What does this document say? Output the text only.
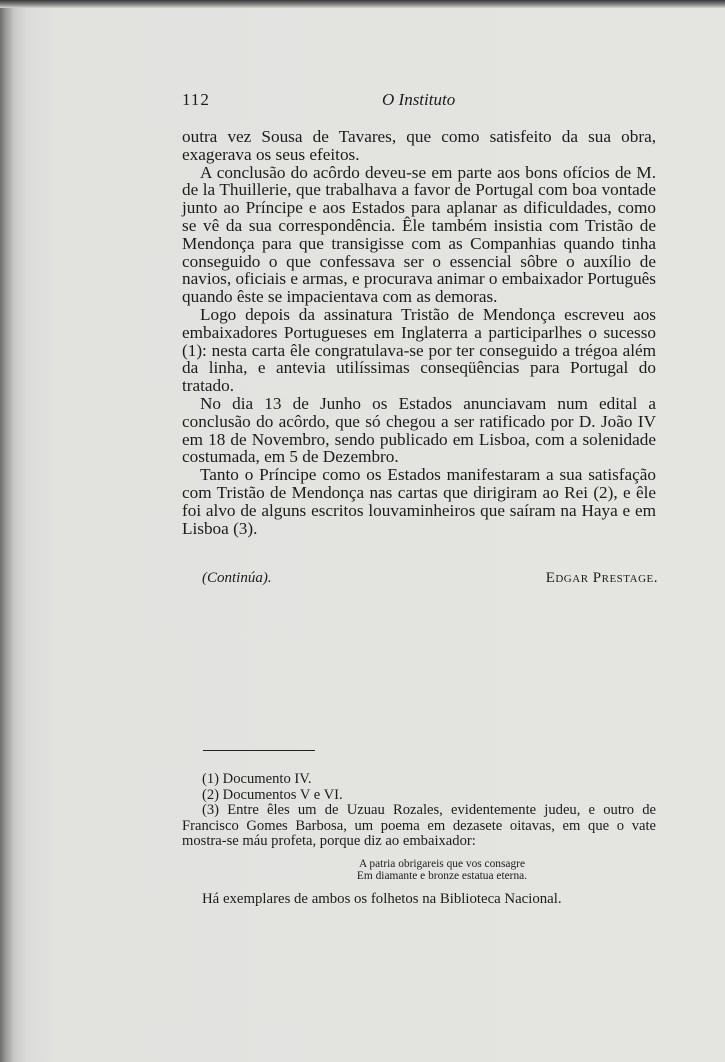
112	O Instituto

outra vez Sousa de Tavares, que como satisfeito da sua obra, exagerava os seus efeitos.

A conclusão do acôrdo deveu-se em parte aos bons ofícios de M. de la Thuillerie, que trabalhava a favor de Portugal com boa vontade junto ao Príncipe e aos Estados para aplanar as dificuldades, como se vê da sua correspondência. Êle também insistia com Tristão de Mendonça para que transigisse com as Companhias quando tinha conseguido o que confessava ser o essencial sôbre o auxílio de navios, oficiais e armas, e procurava animar o embaixador Português quando êste se impacientava com as demoras.

Logo depois da assinatura Tristão de Mendonça escreveu aos embaixadores Portugueses em Inglaterra a participarlhes o sucesso (1): nesta carta êle congratulava-se por ter conseguido a trégoa além da linha, e antevia utilíssimas conseqüências para Portugal do tratado.

No dia 13 de Junho os Estados anunciavam num edital a conclusão do acôrdo, que só chegou a ser ratificado por D. João IV em 18 de Novembro, sendo publicado em Lisboa, com a solenidade costumada, em 5 de Dezembro.

Tanto o Príncipe como os Estados manifestaram a sua satisfação com Tristão de Mendonça nas cartas que dirigiram ao Rei (2), e êle foi alvo de alguns escritos louvaminheiros que saíram na Haya e em Lisboa (3).

(Continúa).	Edgar Prestage.

(1) Documento IV.

(2) Documentos V e VI.

(3) Entre êles um de Uzuau Rozales, evidentemente judeu, e outro de Francisco Gomes Barbosa, um poema em dezasete oitavas, em que o vate mostra-se máu profeta, porque diz ao embaixador:

A patria obrigareis que vos consagre
Em diamante e bronze estatua eterna.
Há exemplares de ambos os folhetos na Biblioteca Nacional.
